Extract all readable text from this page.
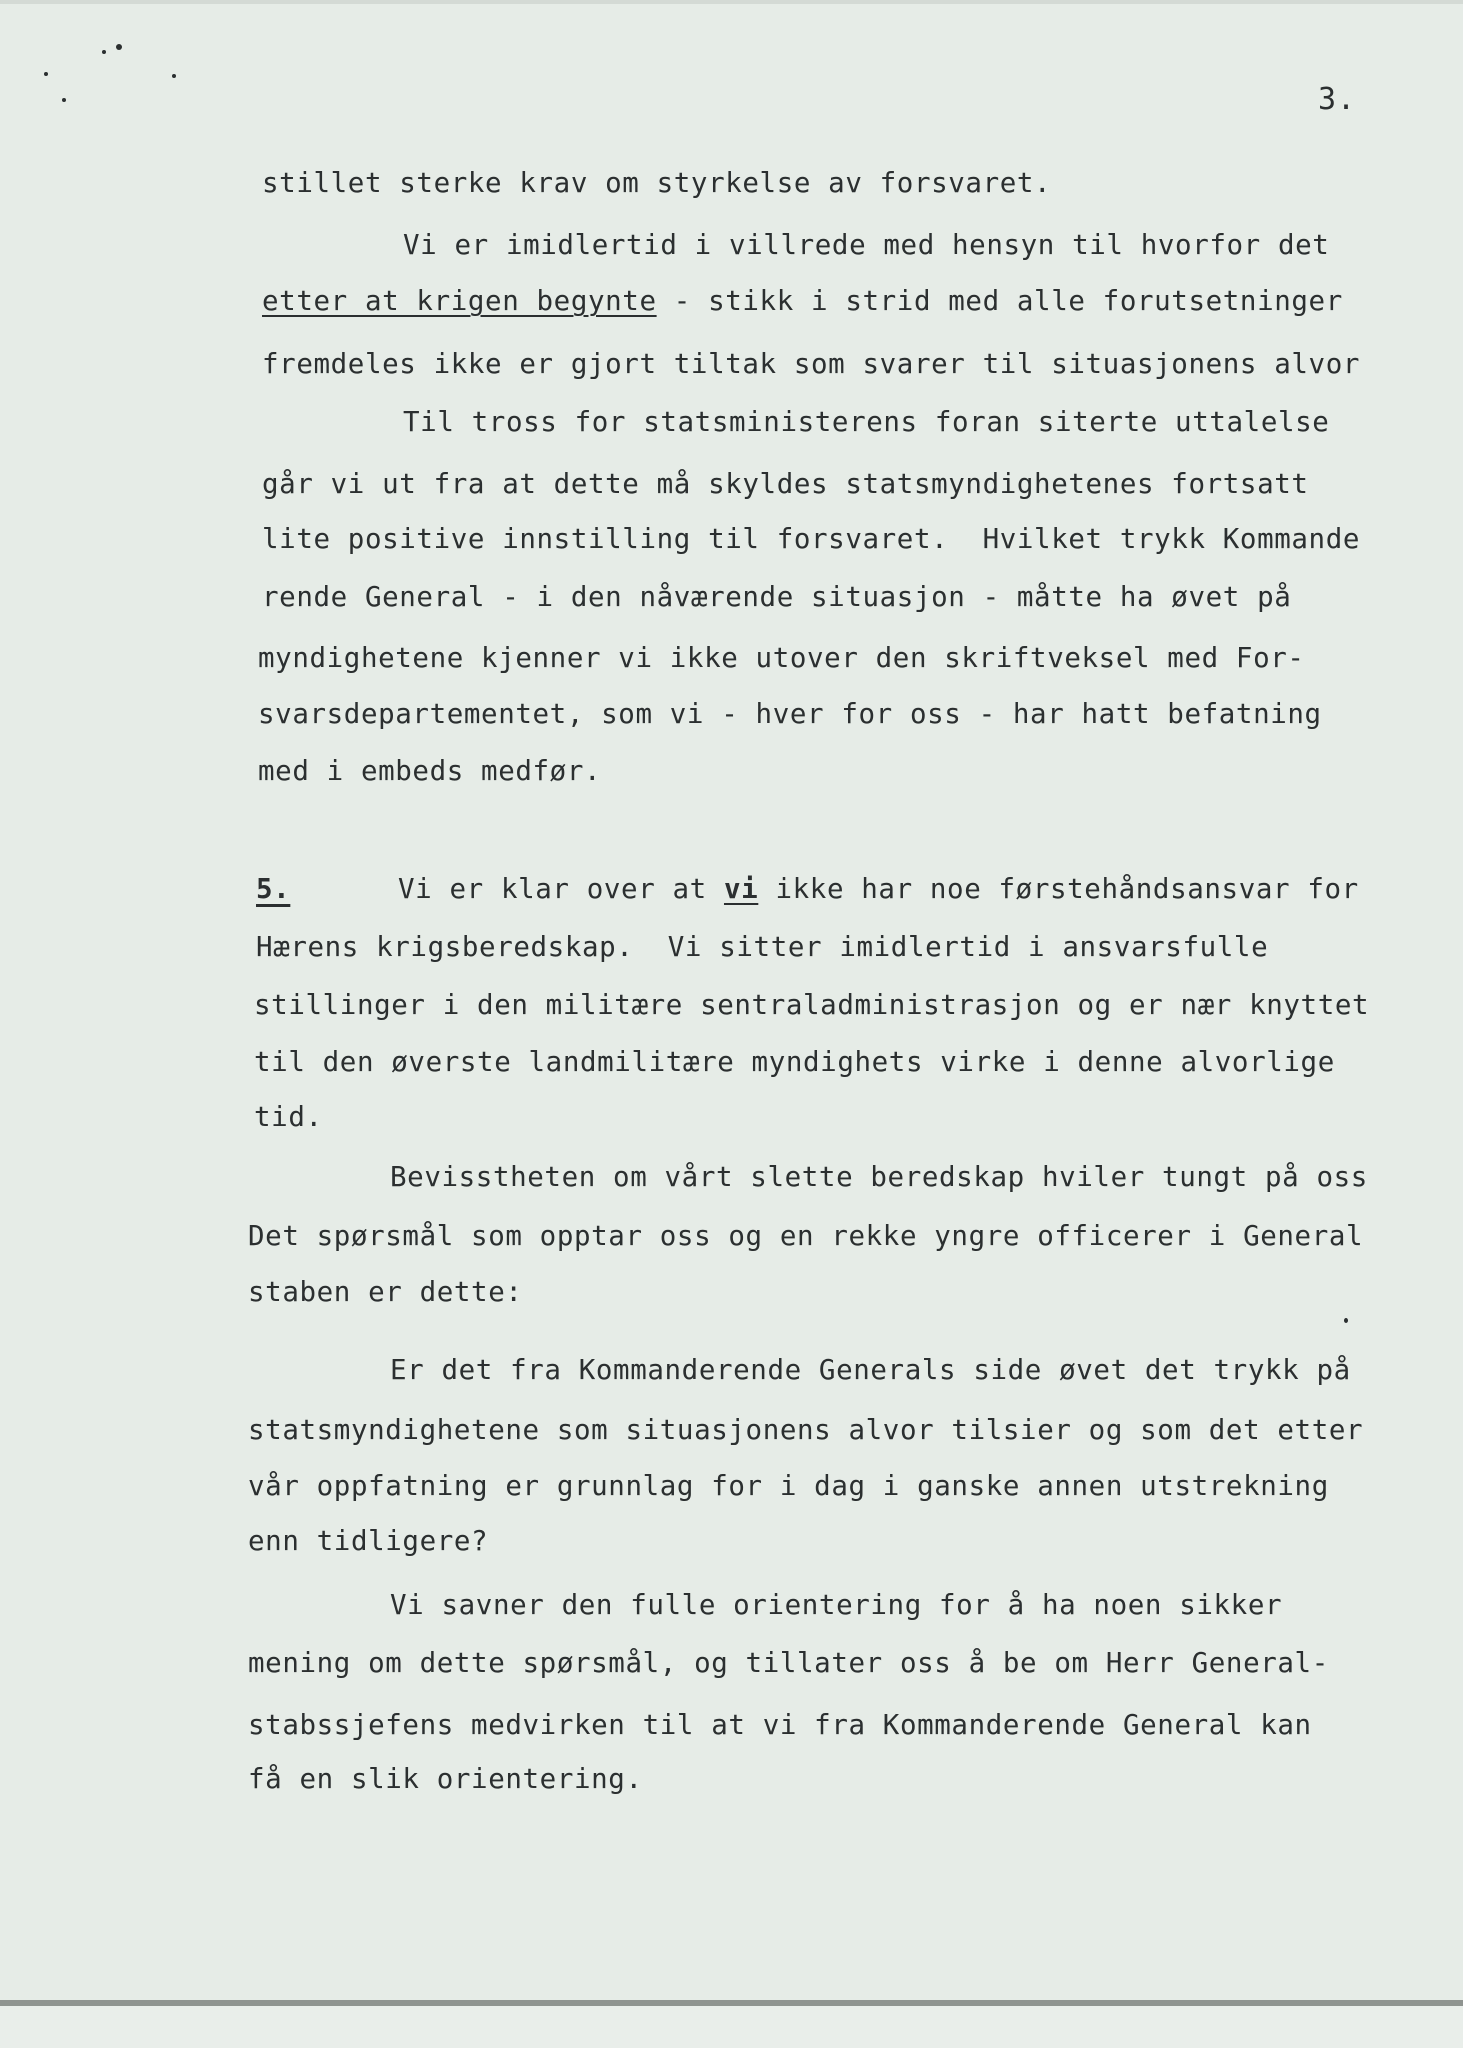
3.
stillet sterke krav om styrkelse av forsvaret.
Vi er imidlertid i villrede med hensyn til hvorfor det
etter at krigen begynte - stikk i strid med alle forutsetninger
fremdeles ikke er gjort tiltak som svarer til situasjonens alvor
Til tross for statsministerens foran siterte uttalelse
går vi ut fra at dette må skyldes statsmyndighetenes fortsatt
lite positive innstilling til forsvaret.  Hvilket trykk Kommande
rende General - i den nåværende situasjon - måtte ha øvet på
myndighetene kjenner vi ikke utover den skriftveksel med For-
svarsdepartementet, som vi - hver for oss - har hatt befatning
med i embeds medfør.
5.	Vi er klar over at vi ikke har noe førstehåndsansvar for
Hærens krigsberedskap.  Vi sitter imidlertid i ansvarsfulle
stillinger i den militære sentraladministrasjon og er nær knyttet
til den øverste landmilitære myndighets virke i denne alvorlige
tid.
Bevisstheten om vårt slette beredskap hviler tungt på oss
Det spørsmål som opptar oss og en rekke yngre officerer i General
staben er dette:
Er det fra Kommanderende Generals side øvet det trykk på
statsmyndighetene som situasjonens alvor tilsier og som det etter
vår oppfatning er grunnlag for i dag i ganske annen utstrekning
enn tidligere?
Vi savner den fulle orientering for å ha noen sikker
mening om dette spørsmål, og tillater oss å be om Herr General-
stabssjefens medvirken til at vi fra Kommanderende General kan
få en slik orientering.
